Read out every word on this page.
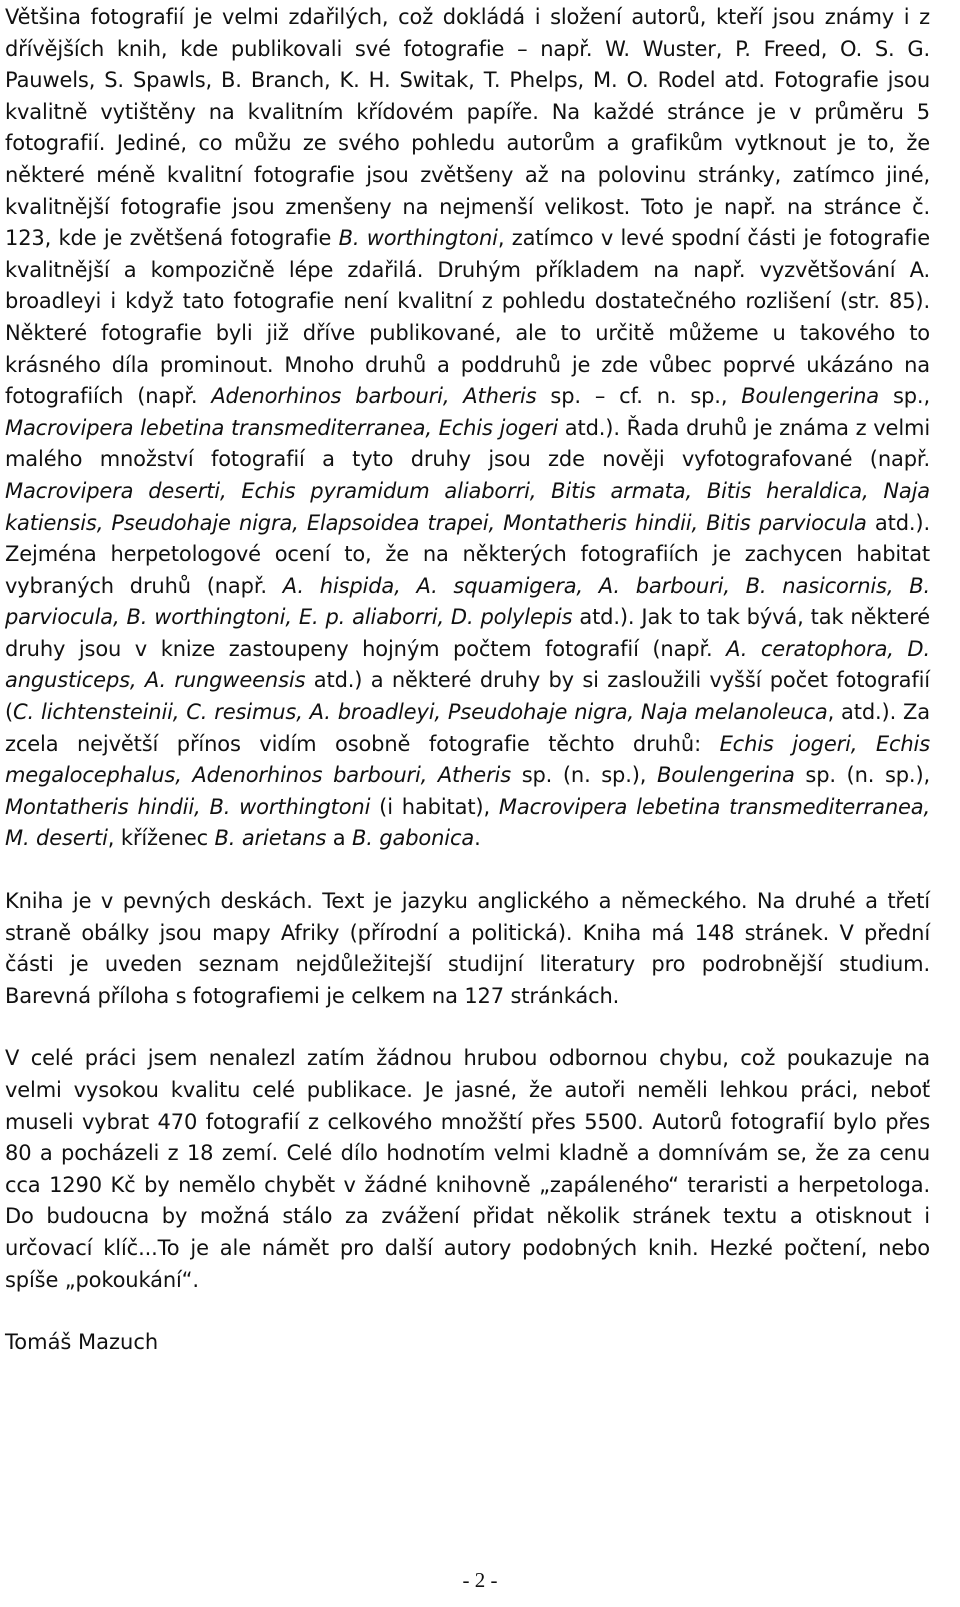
Většina fotografií je velmi zdařilých, což dokládá i složení autorů, kteří jsou známy i z dřívějších knih, kde publikovali své fotografie – např. W. Wuster, P. Freed, O. S. G. Pauwels, S. Spawls, B. Branch, K. H. Switak, T. Phelps, M. O. Rodel atd. Fotografie jsou kvalitně vytištěny na kvalitním křídovém papíře. Na každé stránce je v průměru 5 fotografií. Jediné, co můžu ze svého pohledu autorům a grafikům vytknout je to, že některé méně kvalitní fotografie jsou zvětšeny až na polovinu stránky, zatímco jiné, kvalitnější fotografie jsou zmenšeny na nejmenší velikost. Toto je např. na stránce č. 123, kde je zvětšená fotografie B. worthingtoni, zatímco v levé spodní části je fotografie kvalitnější a kompozičně lépe zdařilá. Druhým příkladem na např. vyzvětšování A. broadleyi i když tato fotografie není kvalitní z pohledu dostatečného rozlišení (str. 85). Některé fotografie byli již dříve publikované, ale to určitě můžeme u takového to krásného díla prominout. Mnoho druhů a poddruhů je zde vůbec poprvé ukázáno na fotografiích (např. Adenorhinos barbouri, Atheris sp. – cf. n. sp., Boulengerina sp., Macrovipera lebetina transmediterranea, Echis jogeri atd.). Řada druhů je známa z velmi malého množství fotografií a tyto druhy jsou zde nověji vyfotografované (např. Macrovipera deserti, Echis pyramidum aliaborri, Bitis armata, Bitis heraldica, Naja katiensis, Pseudohaje nigra, Elapsoidea trapei, Montatheris hindii, Bitis parviocula atd.). Zejména herpetologové ocení to, že na některých fotografiích je zachycen habitat vybraných druhů (např. A. hispida, A. squamigera, A. barbouri, B. nasicornis, B. parviocula, B. worthingtoni, E. p. aliaborri, D. polylepis atd.). Jak to tak bývá, tak některé druhy jsou v knize zastoupeny hojným počtem fotografií (např. A. ceratophora, D. angusticeps, A. rungweensis atd.) a některé druhy by si zasloužili vyšší počet fotografií (C. lichtensteinii, C. resimus, A. broadleyi, Pseudohaje nigra, Naja melanoleuca, atd.). Za zcela největší přínos vidím osobně fotografie těchto druhů: Echis jogeri, Echis megalocephalus, Adenorhinos barbouri, Atheris sp. (n. sp.), Boulengerina sp. (n. sp.), Montatheris hindii, B. worthingtoni (i habitat), Macrovipera lebetina transmediterranea, M. deserti, kříženec B. arietans a B. gabonica.

Kniha je v pevných deskách. Text je jazyku anglického a německého. Na druhé a třetí straně obálky jsou mapy Afriky (přírodní a politická). Kniha má 148 stránek. V přední části je uveden seznam nejdůležitejší studijní literatury pro podrobnější studium. Barevná příloha s fotografiemi je celkem na 127 stránkách.

V celé práci jsem nenalezl zatím žádnou hrubou odbornou chybu, což poukazuje na velmi vysokou kvalitu celé publikace. Je jasné, že autoři neměli lehkou práci, neboť museli vybrat 470 fotografií z celkového množští přes 5500. Autorů fotografií bylo přes 80 a pocházeli z 18 zemí. Celé dílo hodnotím velmi kladně a domnívám se, že za cenu cca 1290 Kč by nemělo chybět v žádné knihovně „zapáleného“ teraristi a herpetologa. Do budoucna by možná stálo za zvážení přidat několik stránek textu a otisknout i určovací klíč...To je ale námět pro další autory podobných knih. Hezké počtení, nebo spíše „pokoukání“.

Tomáš Mazuch

- 2 -
